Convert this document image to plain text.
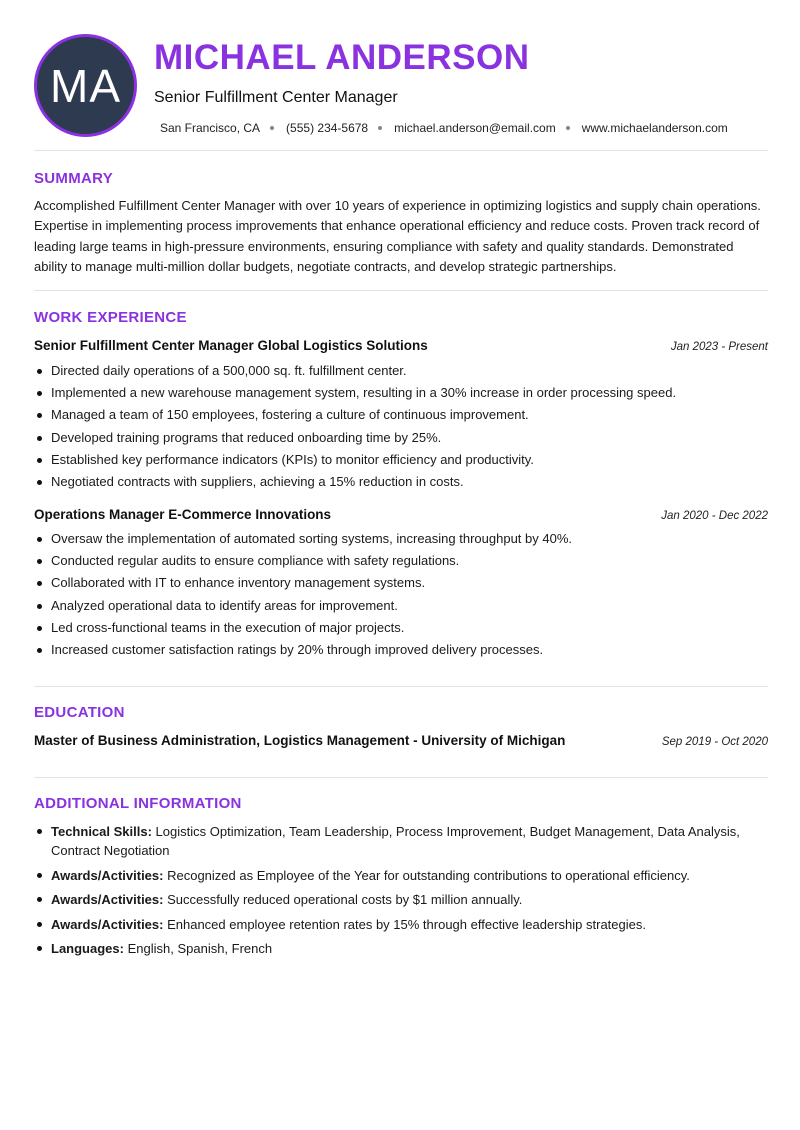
MA
MICHAEL ANDERSON
Senior Fulfillment Center Manager
San Francisco, CA (555) 234-5678 michael.anderson@email.com www.michaelanderson.com
SUMMARY
Accomplished Fulfillment Center Manager with over 10 years of experience in optimizing logistics and supply chain operations. Expertise in implementing process improvements that enhance operational efficiency and reduce costs. Proven track record of leading large teams in high-pressure environments, ensuring compliance with safety and quality standards. Demonstrated ability to manage multi-million dollar budgets, negotiate contracts, and develop strategic partnerships.
WORK EXPERIENCE
Senior Fulfillment Center Manager Global Logistics Solutions	Jan 2023 - Present
Directed daily operations of a 500,000 sq. ft. fulfillment center.
Implemented a new warehouse management system, resulting in a 30% increase in order processing speed.
Managed a team of 150 employees, fostering a culture of continuous improvement.
Developed training programs that reduced onboarding time by 25%.
Established key performance indicators (KPIs) to monitor efficiency and productivity.
Negotiated contracts with suppliers, achieving a 15% reduction in costs.
Operations Manager E-Commerce Innovations	Jan 2020 - Dec 2022
Oversaw the implementation of automated sorting systems, increasing throughput by 40%.
Conducted regular audits to ensure compliance with safety regulations.
Collaborated with IT to enhance inventory management systems.
Analyzed operational data to identify areas for improvement.
Led cross-functional teams in the execution of major projects.
Increased customer satisfaction ratings by 20% through improved delivery processes.
EDUCATION
Master of Business Administration, Logistics Management - University of Michigan	Sep 2019 - Oct 2020
ADDITIONAL INFORMATION
Technical Skills: Logistics Optimization, Team Leadership, Process Improvement, Budget Management, Data Analysis, Contract Negotiation
Awards/Activities: Recognized as Employee of the Year for outstanding contributions to operational efficiency.
Awards/Activities: Successfully reduced operational costs by $1 million annually.
Awards/Activities: Enhanced employee retention rates by 15% through effective leadership strategies.
Languages: English, Spanish, French
